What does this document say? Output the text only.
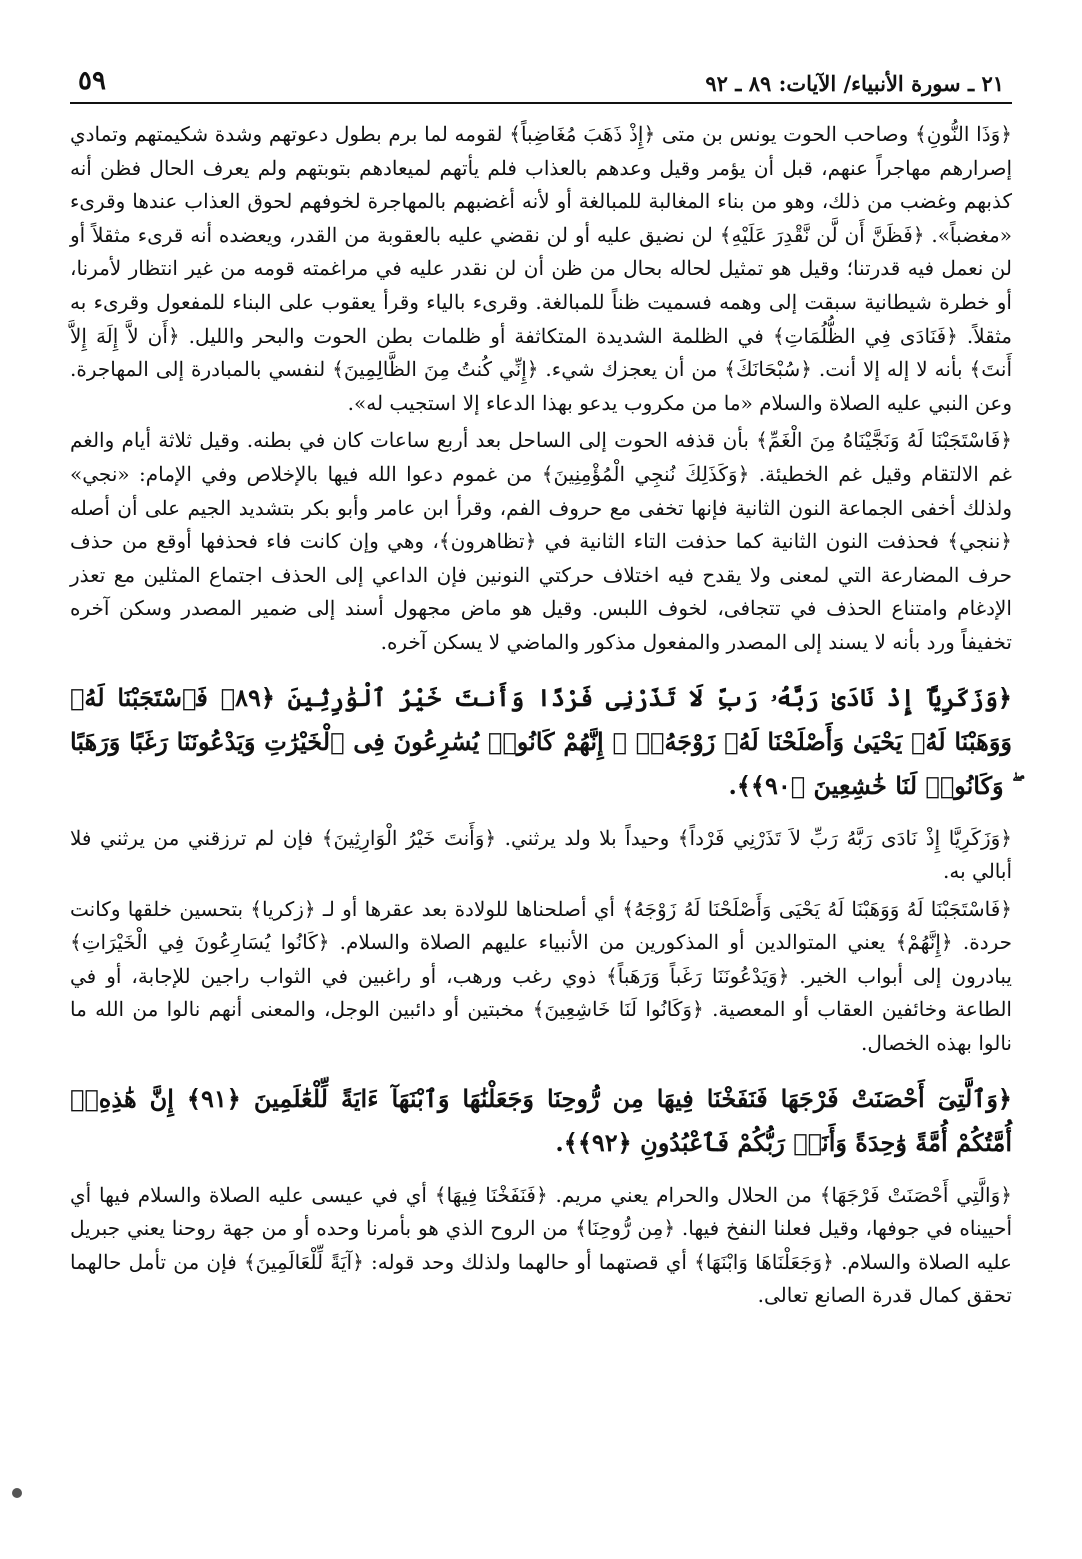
٢١ ـ سورة الأنبياء/ الآيات: ٨٩ ـ ٩٢
٥٩

﴿وَذَا النُّونِ﴾ وصاحب الحوت يونس بن متى ﴿إِذْ ذَهَبَ مُغَاضِباً﴾ لقومه لما برم بطول دعوتهم وشدة شكيمتهم وتمادي إصرارهم مهاجراً عنهم، قبل أن يؤمر وقيل وعدهم بالعذاب فلم يأتهم لميعادهم بتوبتهم ولم يعرف الحال فظن أنه كذبهم وغضب من ذلك، وهو من بناء المغالبة للمبالغة أو لأنه أغضبهم بالمهاجرة لخوفهم لحوق العذاب عندها وقرىء «مغضباً». ﴿فَظَنَّ أَن لَّن نَّقْدِرَ عَلَيْهِ﴾ لن نضيق عليه أو لن نقضي عليه بالعقوبة من القدر، ويعضده أنه قرىء مثقلاً أو لن نعمل فيه قدرتنا؛ وقيل هو تمثيل لحاله بحال من ظن أن لن نقدر عليه في مراغمته قومه من غير انتظار لأمرنا، أو خطرة شيطانية سبقت إلى وهمه فسميت ظناً للمبالغة. وقرىء بالياء وقرأ يعقوب على البناء للمفعول وقرىء به مثقلاً. ﴿فَنَادَى فِي الظُّلُمَاتِ﴾ في الظلمة الشديدة المتكاثفة أو ظلمات بطن الحوت والبحر والليل. ﴿أَن لاَّ إِلَهَ إِلاَّ أَنتَ﴾ بأنه لا إله إلا أنت. ﴿سُبْحَانَكَ﴾ من أن يعجزك شيء. ﴿إِنِّي كُنتُ مِنَ الظَّالِمِينَ﴾ لنفسي بالمبادرة إلى المهاجرة. وعن النبي عليه الصلاة والسلام «ما من مكروب يدعو بهذا الدعاء إلا استجيب له».

﴿فَاسْتَجَبْنَا لَهُ وَنَجَّيْنَاهُ مِنَ الْغَمِّ﴾ بأن قذفه الحوت إلى الساحل بعد أربع ساعات كان في بطنه. وقيل ثلاثة أيام والغم غم الالتقام وقيل غم الخطيئة. ﴿وَكَذَلِكَ نُنجِي الْمُؤْمِنِينَ﴾ من غموم دعوا الله فيها بالإخلاص وفي الإمام: «نجي» ولذلك أخفى الجماعة النون الثانية فإنها تخفى مع حروف الفم، وقرأ ابن عامر وأبو بكر بتشديد الجيم على أن أصله ﴿ننجي﴾ فحذفت النون الثانية كما حذفت التاء الثانية في ﴿تظاهرون﴾، وهي وإن كانت فاء فحذفها أوقع من حذف حرف المضارعة التي لمعنى ولا يقدح فيه اختلاف حركتي النونين فإن الداعي إلى الحذف اجتماع المثلين مع تعذر الإدغام وامتناع الحذف في تتجافى، لخوف اللبس. وقيل هو ماض مجهول أسند إلى ضمير المصدر وسكن آخره تخفيفاً ورد بأنه لا يسند إلى المصدر والمفعول مذكور والماضي لا يسكن آخره.

﴿وَزَكَرِيَّآ إِذْ نَادَىٰ رَبَّهُۥ رَبِّ لَا تَذَرْنِى فَرْدًا وَأَنتَ خَيْرُ ٱلْوَٰرِثِينَ ﴿٨٩﴾ فَٱسْتَجَبْنَا لَهُۥ وَوَهَبْنَا لَهُۥ يَحْيَىٰ وَأَصْلَحْنَا لَهُۥ زَوْجَهُۥٓ ۚ إِنَّهُمْ كَانُوا۟ يُسَٰرِعُونَ فِى ٱلْخَيْرَٰتِ وَيَدْعُونَنَا رَغَبًا وَرَهَبًا ۖ وَكَانُوا۟ لَنَا خَٰشِعِينَ ﴿٩٠﴾﴾.

﴿وَزَكَرِيَّا إِذْ نَادَى رَبَّهُ رَبِّ لاَ تَذَرْنِي فَرْداً﴾ وحيداً بلا ولد يرثني. ﴿وَأَنتَ خَيْرُ الْوَارِثِينَ﴾ فإن لم ترزقني من يرثني فلا أبالي به.

﴿فَاسْتَجَبْنَا لَهُ وَوَهَبْنَا لَهُ يَحْيَى وَأَصْلَحْنَا لَهُ زَوْجَهُ﴾ أي أصلحناها للولادة بعد عقرها أو لـ ﴿زكريا﴾ بتحسين خلقها وكانت حردة. ﴿إِنَّهُمْ﴾ يعني المتوالدين أو المذكورين من الأنبياء عليهم الصلاة والسلام. ﴿كَانُوا يُسَارِعُونَ فِي الْخَيْرَاتِ﴾ يبادرون إلى أبواب الخير. ﴿وَيَدْعُونَنَا رَغَباً وَرَهَباً﴾ ذوي رغب ورهب، أو راغبين في الثواب راجين للإجابة، أو في الطاعة وخائفين العقاب أو المعصية. ﴿وَكَانُوا لَنَا خَاشِعِينَ﴾ مخبتين أو دائبين الوجل، والمعنى أنهم نالوا من الله ما نالوا بهذه الخصال.

﴿وَٱلَّتِىٓ أَحْصَنَتْ فَرْجَهَا فَنَفَخْنَا فِيهَا مِن رُّوحِنَا وَجَعَلْنَٰهَا وَٱبْنَهَآ ءَايَةً لِّلْعَٰلَمِينَ ﴿٩١﴾ إِنَّ هَٰذِهِۦٓ أُمَّتُكُمْ أُمَّةً وَٰحِدَةً وَأَنَا۠ رَبُّكُمْ فَٱعْبُدُونِ ﴿٩٢﴾﴾.

﴿وَالَّتِي أَحْصَنَتْ فَرْجَهَا﴾ من الحلال والحرام يعني مريم. ﴿فَنَفَخْنَا فِيهَا﴾ أي في عيسى عليه الصلاة والسلام فيها أي أحييناه في جوفها، وقيل فعلنا النفخ فيها. ﴿مِن رُّوحِنَا﴾ من الروح الذي هو بأمرنا وحده أو من جهة روحنا يعني جبريل عليه الصلاة والسلام. ﴿وَجَعَلْنَاهَا وَابْنَهَا﴾ أي قصتهما أو حالهما ولذلك وحد قوله: ﴿آيَةً لِّلْعَالَمِينَ﴾ فإن من تأمل حالهما تحقق كمال قدرة الصانع تعالى.
